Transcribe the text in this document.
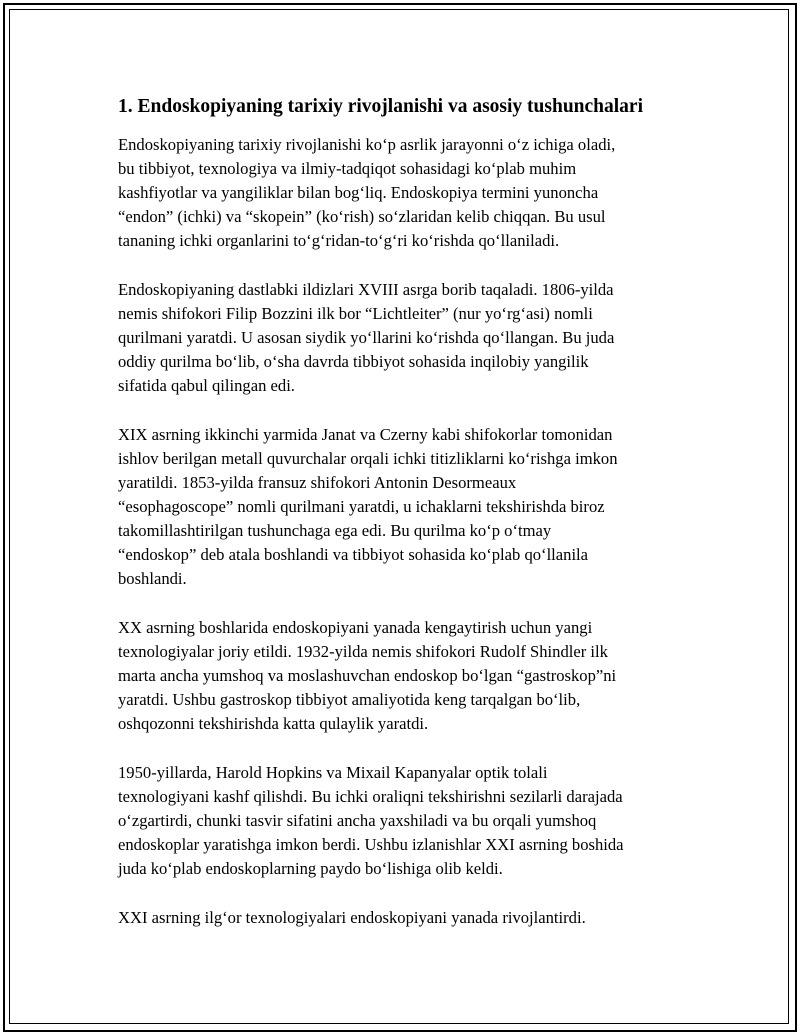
1. Endoskopiyaning tarixiy rivojlanishi va asosiy tushunchalari

Endoskopiyaning tarixiy rivojlanishi ko‘p asrlik jarayonni o‘z ichiga oladi,
bu tibbiyot, texnologiya va ilmiy-tadqiqot sohasidagi ko‘plab muhim
kashfiyotlar va yangiliklar bilan bog‘liq. Endoskopiya termini yunoncha
“endon” (ichki) va “skopein” (ko‘rish) so‘zlaridan kelib chiqqan. Bu usul
tananing ichki organlarini to‘g‘ridan-to‘g‘ri ko‘rishda qo‘llaniladi.

Endoskopiyaning dastlabki ildizlari XVIII asrga borib taqaladi. 1806-yilda
nemis shifokori Filip Bozzini ilk bor “Lichtleiter” (nur yo‘rg‘asi) nomli
qurilmani yaratdi. U asosan siydik yo‘llarini ko‘rishda qo‘llangan. Bu juda
oddiy qurilma bo‘lib, o‘sha davrda tibbiyot sohasida inqilobiy yangilik
sifatida qabul qilingan edi.

XIX asrning ikkinchi yarmida Janat va Czerny kabi shifokorlar tomonidan
ishlov berilgan metall quvurchalar orqali ichki titizliklarni ko‘rishga imkon
yaratildi. 1853-yilda fransuz shifokori Antonin Desormeaux
“esophagoscope” nomli qurilmani yaratdi, u ichaklarni tekshirishda biroz
takomillashtirilgan tushunchaga ega edi. Bu qurilma ko‘p o‘tmay
“endoskop” deb atala boshlandi va tibbiyot sohasida ko‘plab qo‘llanila
boshlandi.

XX asrning boshlarida endoskopiyani yanada kengaytirish uchun yangi
texnologiyalar joriy etildi. 1932-yilda nemis shifokori Rudolf Shindler ilk
marta ancha yumshoq va moslashuvchan endoskop bo‘lgan “gastroskop”ni
yaratdi. Ushbu gastroskop tibbiyot amaliyotida keng tarqalgan bo‘lib,
oshqozonni tekshirishda katta qulaylik yaratdi.

1950-yillarda, Harold Hopkins va Mixail Kapanyalar optik tolali
texnologiyani kashf qilishdi. Bu ichki oraliqni tekshirishni sezilarli darajada
o‘zgartirdi, chunki tasvir sifatini ancha yaxshiladi va bu orqali yumshoq
endoskoplar yaratishga imkon berdi. Ushbu izlanishlar XXI asrning boshida
juda ko‘plab endoskoplarning paydo bo‘lishiga olib keldi.

XXI asrning ilg‘or texnologiyalari endoskopiyani yanada rivojlantirdi.
